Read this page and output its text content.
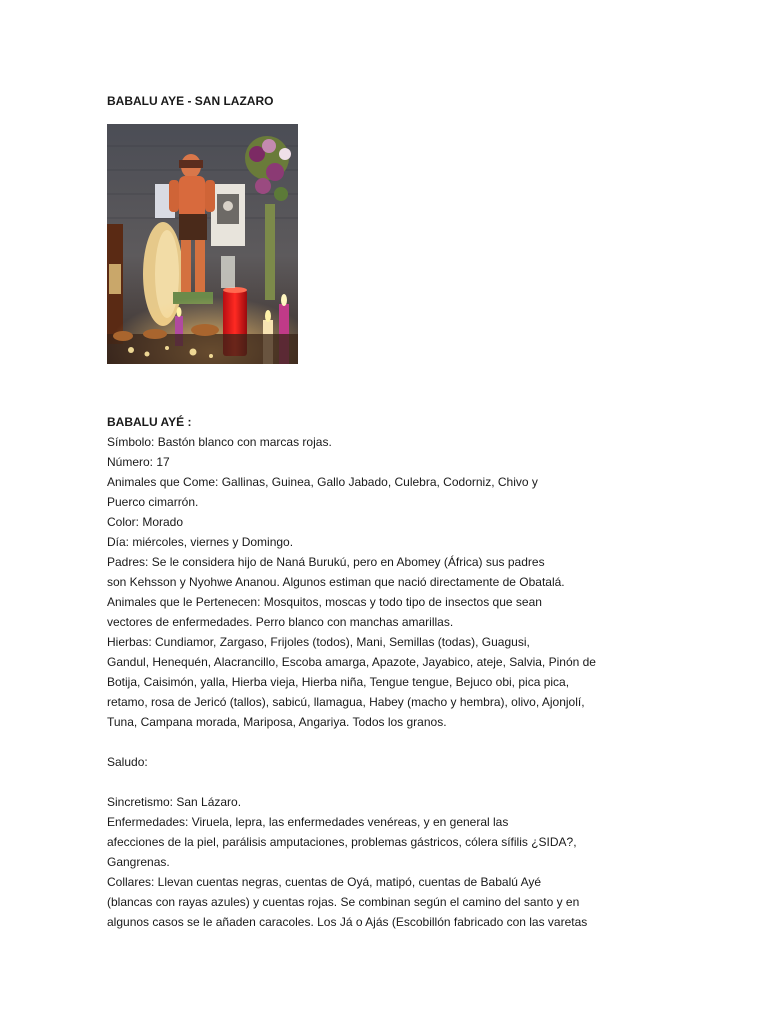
BABALU AYE - SAN LAZARO
BABALU AYÉ :
Símbolo: Bastón blanco con marcas rojas.
Número: 17
Animales que Come: Gallinas, Guinea, Gallo Jabado, Culebra, Codorniz, Chivo y
Puerco cimarrón.
Color: Morado
Día: miércoles, viernes y Domingo.
Padres: Se le considera hijo de Naná Burukú, pero en Abomey (África) sus padres
son Kehsson y Nyohwe Ananou. Algunos estiman que nació directamente de Obatalá.
Animales que le Pertenecen: Mosquitos, moscas y todo tipo de insectos que sean
vectores de enfermedades. Perro blanco con manchas amarillas.
Hierbas: Cundiamor, Zargaso, Frijoles (todos), Mani, Semillas (todas), Guagusi,
Gandul, Henequén, Alacrancillo, Escoba amarga, Apazote, Jayabico, ateje, Salvia, Pinón de
Botija, Caisimón, yalla, Hierba vieja, Hierba niña, Tengue tengue, Bejuco obi, pica pica,
retamo, rosa de Jericó (tallos), sabicú, llamagua, Habey (macho y hembra), olivo, Ajonjolí,
Tuna, Campana morada, Mariposa, Angariya. Todos los granos.
Saludo:
Sincretismo: San Lázaro.
Enfermedades: Viruela, lepra, las enfermedades venéreas, y en general las
afecciones de la piel, parálisis amputaciones, problemas gástricos, cólera sífilis ¿SIDA?,
Gangrenas.
Collares: Llevan cuentas negras, cuentas de Oyá, matipó, cuentas de Babalú Ayé
(blancas con rayas azules) y cuentas rojas. Se combinan según el camino del santo y en
algunos casos se le añaden caracoles. Los Já o Ajás (Escobillón fabricado con las varetas
